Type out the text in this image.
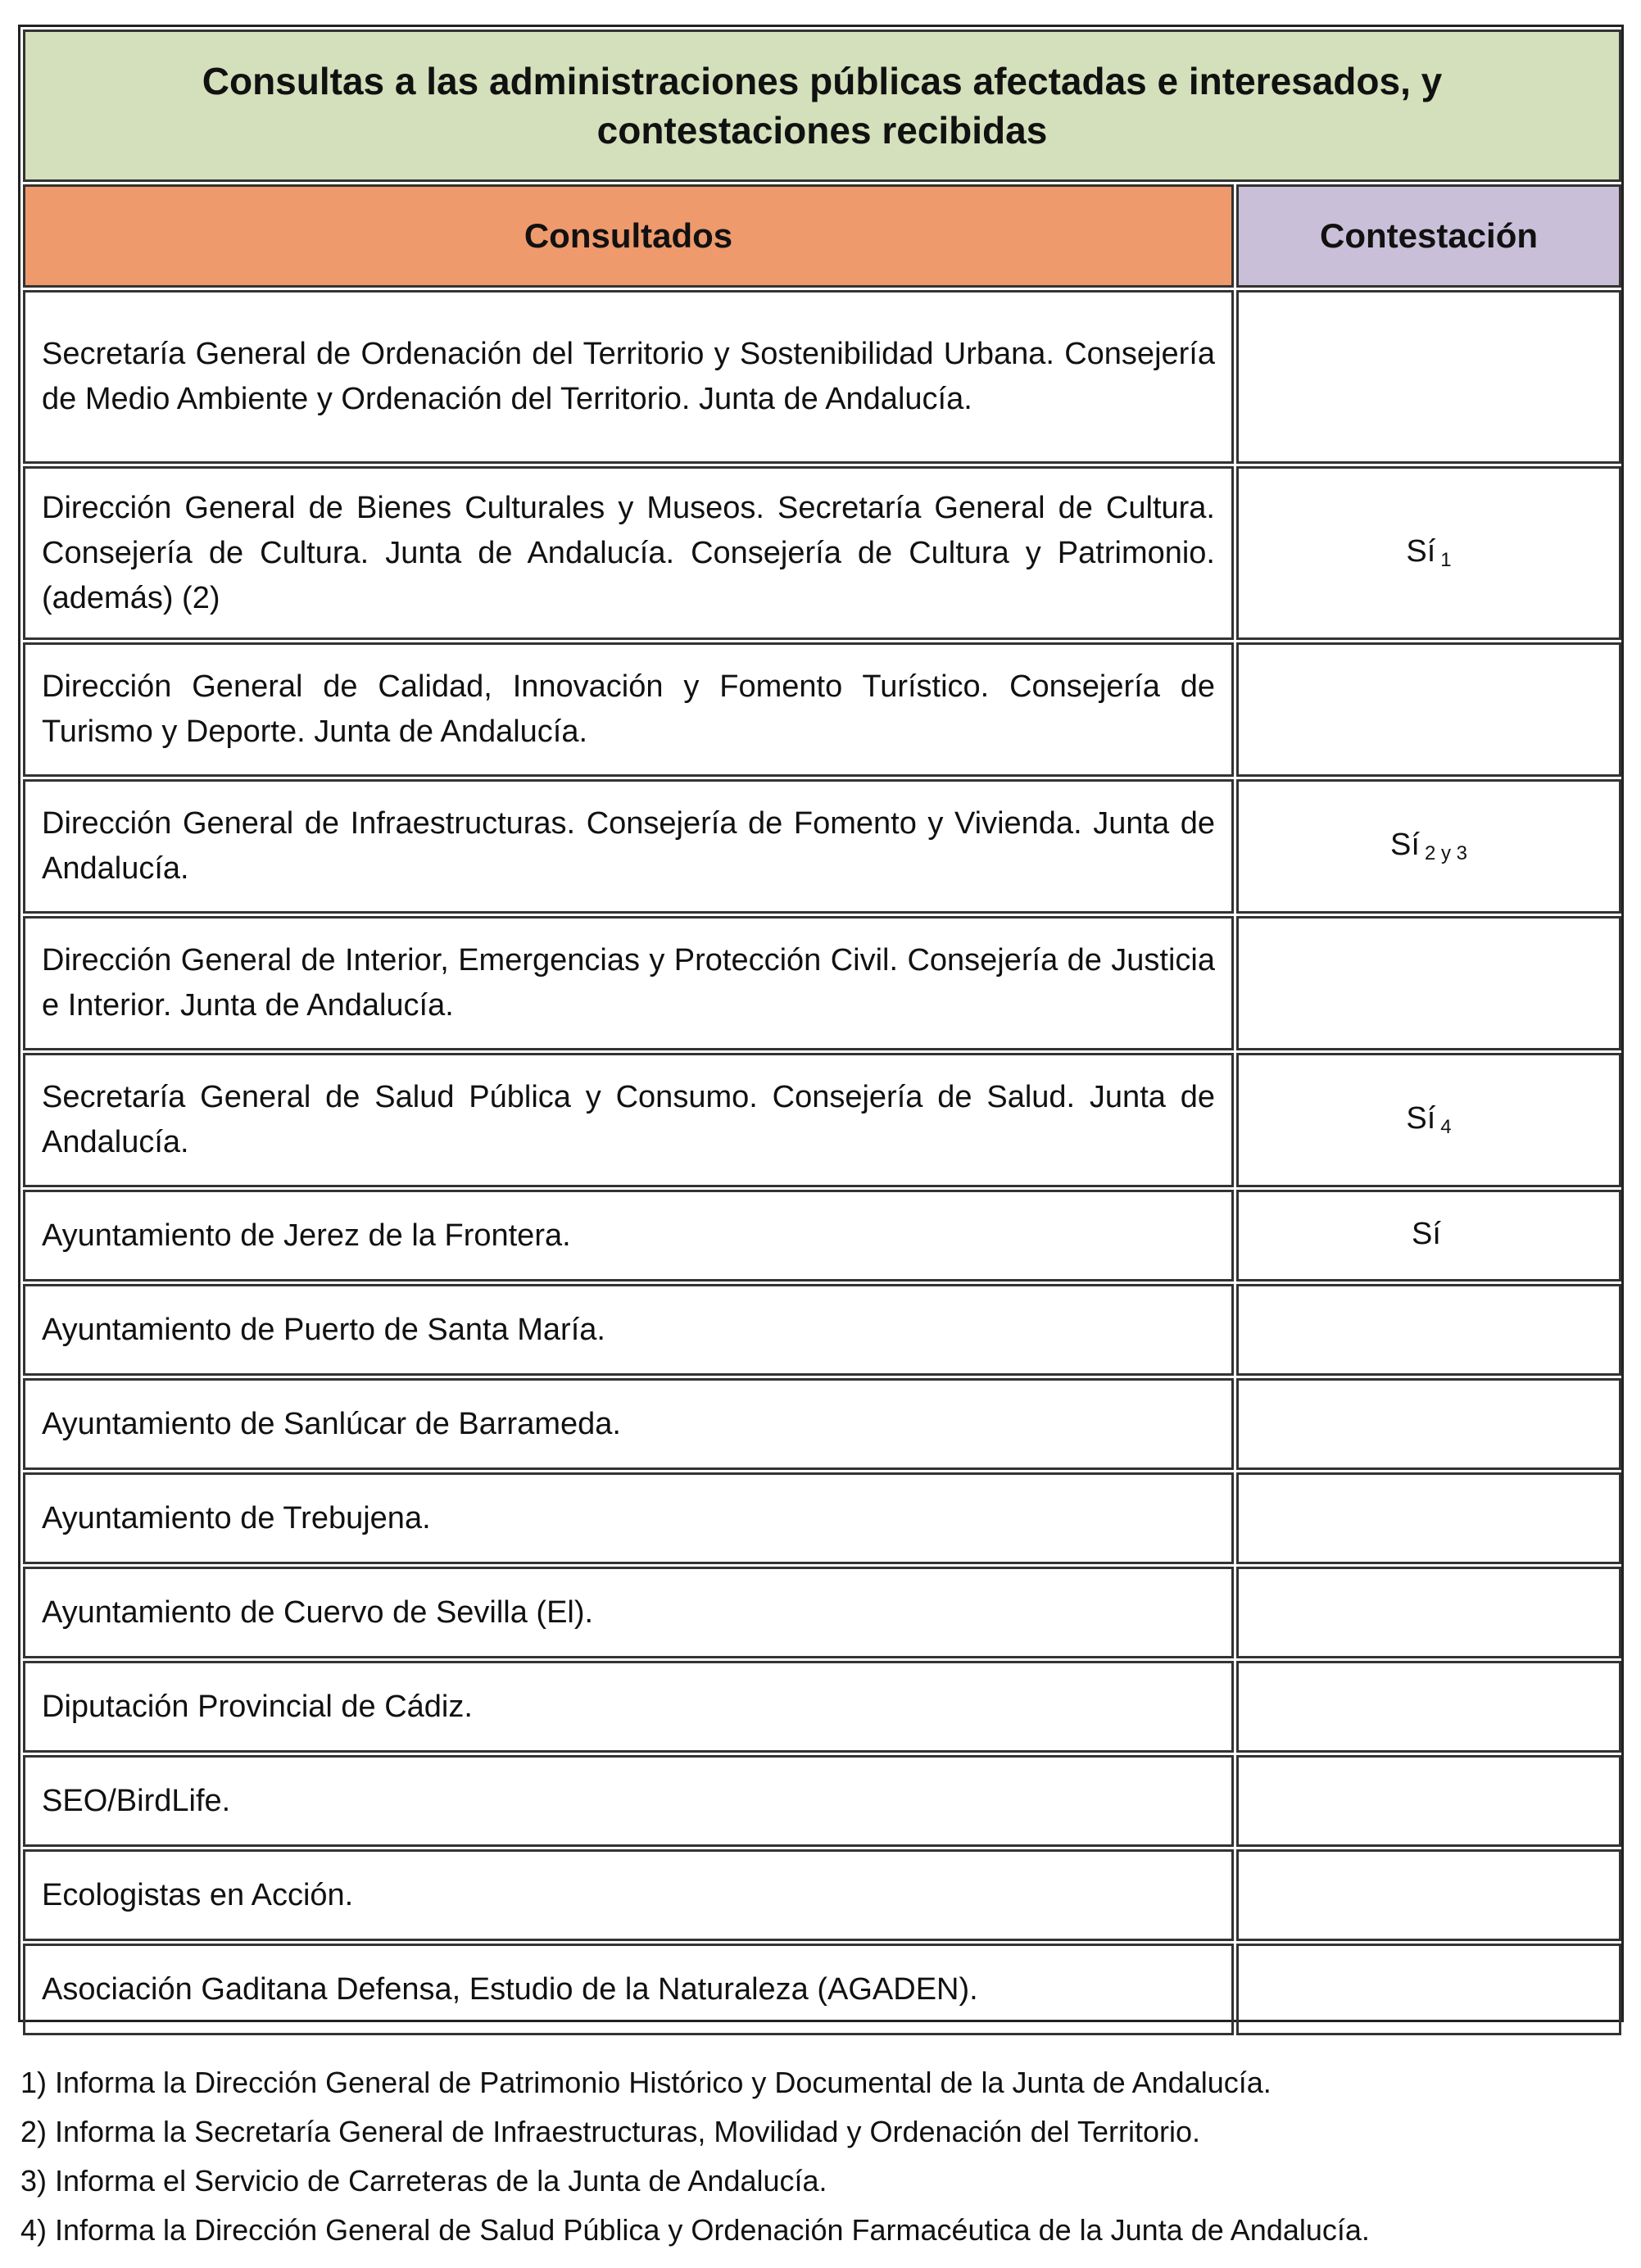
Consultas a las administraciones públicas afectadas e interesados, y
contestaciones recibidas	

Consultados	Contestación
Secretaría General de Ordenación del Territorio y Sostenibilidad Urbana. Consejería de Medio Ambiente y Ordenación del Territorio. Junta de Andalucía.	
Dirección General de Bienes Culturales y Museos. Secretaría General de Cultura. Consejería de Cultura. Junta de Andalucía. Consejería de Cultura y Patrimonio. (además) (2)	Sí $_1$
Dirección General de Calidad, Innovación y Fomento Turístico. Consejería de Turismo y Deporte. Junta de Andalucía.	
Dirección General de Infraestructuras. Consejería de Fomento y Vivienda. Junta de Andalucía.	Sí $_{2 y 3}$
Dirección General de Interior, Emergencias y Protección Civil. Consejería de Justicia e Interior. Junta de Andalucía.	
Secretaría General de Salud Pública y Consumo. Consejería de Salud. Junta de Andalucía.	Sí $_4$
Ayuntamiento de Jerez de la Frontera.	Sí
Ayuntamiento de Puerto de Santa María.	
Ayuntamiento de Sanlúcar de Barrameda.	
Ayuntamiento de Trebujena.	
Ayuntamiento de Cuervo de Sevilla (El).	
Diputación Provincial de Cádiz.	
SEO/BirdLife.	
Ecologistas en Acción.	
Asociación Gaditana Defensa, Estudio de la Naturaleza (AGADEN).	

1) Informa la Dirección General de Patrimonio Histórico y Documental de la Junta de Andalucía.

2) Informa la Secretaría General de Infraestructuras, Movilidad y Ordenación del Territorio.

3) Informa el Servicio de Carreteras de la Junta de Andalucía.

4) Informa la Dirección General de Salud Pública y Ordenación Farmacéutica de la Junta de Andalucía.
